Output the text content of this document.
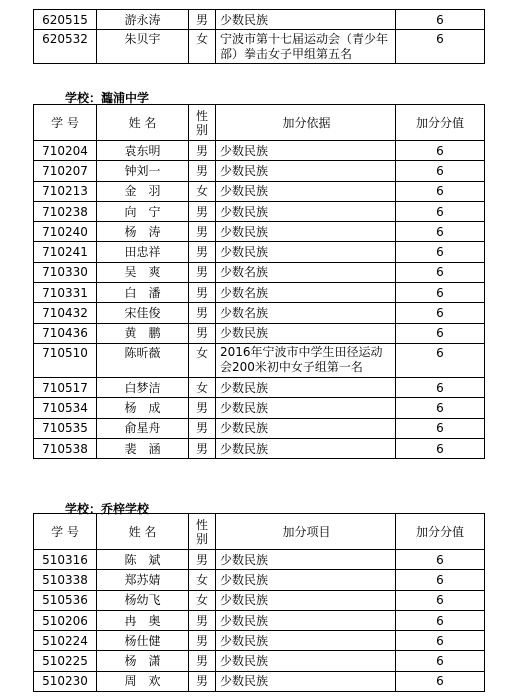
620515	游永涛	男	少数民族	6
620532	朱贝宇	女	宁波市第十七届运动会（青少年部）拳击女子甲组第五名	6
学校：瀶浦中学
学 号	姓 名	性别	加分依据	加分分值
710204	袁东明	男	少数民族	6
710207	钟刘一	男	少数民族	6
710213	金　羽	女	少数民族	6
710238	向　宁	男	少数民族	6
710240	杨　涛	男	少数民族	6
710241	田忠祥	男	少数民族	6
710330	吴　爽	男	少数名族	6
710331	白　潘	男	少数名族	6
710432	宋佳俊	男	少数名族	6
710436	黄　鹏	男	少数民族	6
710510	陈昕薇	女	2016年宁波市中学生田径运动会200米初中女子组第一名	6
710517	白梦洁	女	少数民族	6
710534	杨　成	男	少数民族	6
710535	俞星舟	男	少数民族	6
710538	裴　涵	男	少数民族	6
学校：乔梓学校
学 号	姓 名	性别	加分项目	加分分值
510316	陈　斌	男	少数民族	6
510338	郑苏婧	女	少数民族	6
510536	杨幼飞	女	少数民族	6
510206	冉　奥	男	少数民族	6
510224	杨仕健	男	少数民族	6
510225	杨　潇	男	少数民族	6
510230	周　欢	男	少数民族	6
